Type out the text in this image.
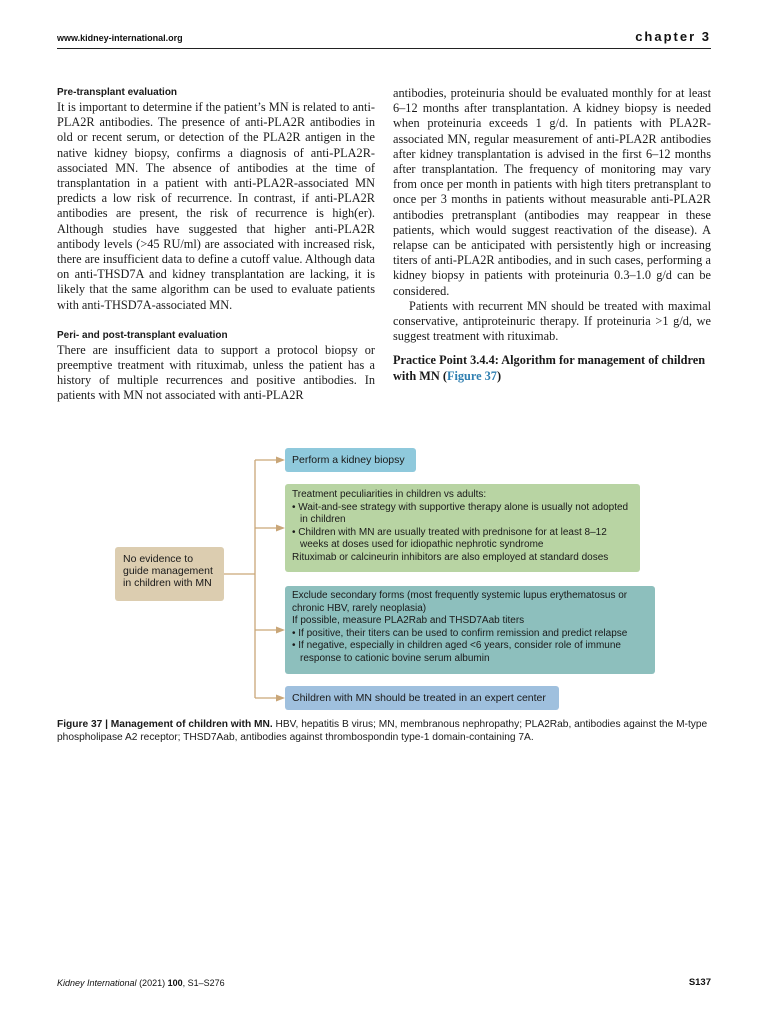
www.kidney-international.org	chapter 3

Pre-transplant evaluation

It is important to determine if the patient’s MN is related to anti-PLA2R antibodies. The presence of anti-PLA2R antibodies in old or recent serum, or detection of the PLA2R antigen in the native kidney biopsy, confirms a diagnosis of anti-PLA2R-associated MN. The absence of antibodies at the time of transplantation in a patient with anti-PLA2R-associated MN predicts a low risk of recurrence. In contrast, if anti-PLA2R antibodies are present, the risk of recurrence is high(er). Although studies have suggested that higher anti-PLA2R antibody levels (>45 RU/ml) are associated with increased risk, there are insufficient data to define a cutoff value. Although data on anti-THSD7A and kidney transplantation are lacking, it is likely that the same algorithm can be used to evaluate patients with anti-THSD7A-associated MN.

Peri- and post-transplant evaluation

There are insufficient data to support a protocol biopsy or preemptive treatment with rituximab, unless the patient has a history of multiple recurrences and positive antibodies. In patients with MN not associated with anti-PLA2R

antibodies, proteinuria should be evaluated monthly for at least 6–12 months after transplantation. A kidney biopsy is needed when proteinuria exceeds 1 g/d. In patients with PLA2R-associated MN, regular measurement of anti-PLA2R antibodies after kidney transplantation is advised in the first 6–12 months after transplantation. The frequency of monitoring may vary from once per month in patients with high titers pretransplant to once per 3 months in patients without measurable anti-PLA2R antibodies pretransplant (antibodies may reappear in these patients, which would suggest reactivation of the disease). A relapse can be anticipated with persistently high or increasing titers of anti-PLA2R antibodies, and in such cases, performing a kidney biopsy in patients with proteinuria 0.3–1.0 g/d can be considered.

Patients with recurrent MN should be treated with maximal conservative, antiproteinuric therapy. If proteinuria >1 g/d, we suggest treatment with rituximab.

Practice Point 3.4.4: Algorithm for management of children with MN (Figure 37)

No evidence to
guide management
in children with MN
Perform a kidney biopsy
Treatment peculiarities in children vs adults:
• Wait-and-see strategy with supportive therapy alone is usually not adopted in children
• Children with MN are usually treated with prednisone for at least 8–12 weeks at doses used for idiopathic nephrotic syndrome
Rituximab or calcineurin inhibitors are also employed at standard doses
Exclude secondary forms (most frequently systemic lupus erythematosus or chronic HBV, rarely neoplasia)
If possible, measure PLA2Rab and THSD7Aab titers
• If positive, their titers can be used to confirm remission and predict relapse
• If negative, especially in children aged <6 years, consider role of immune response to cationic bovine serum albumin
Children with MN should be treated in an expert center
Figure 37 | Management of children with MN. HBV, hepatitis B virus; MN, membranous nephropathy; PLA2Rab, antibodies against the M-type phospholipase A2 receptor; THSD7Aab, antibodies against thrombospondin type-1 domain-containing 7A.
Kidney International (2021) 100, S1–S276	S137
